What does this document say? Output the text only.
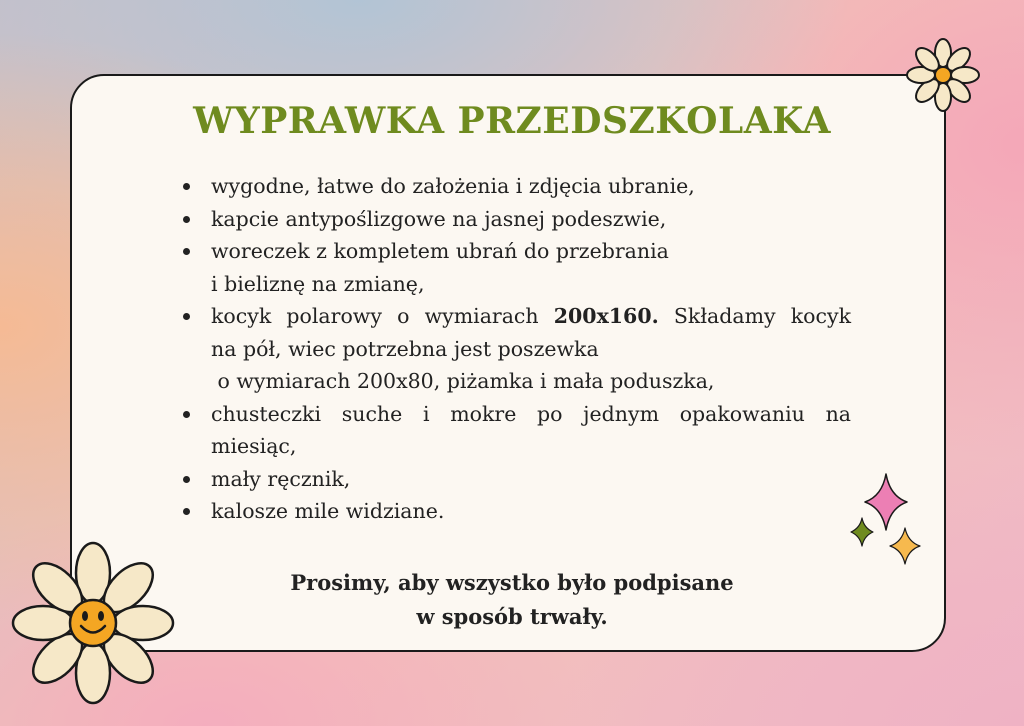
WYPRAWKA PRZEDSZKOLAKA
wygodne, łatwe do założenia i zdjęcia ubranie,
kapcie antypoślizgowe na jasnej podeszwie,
woreczek z kompletem ubrań do przebrania
i bieliznę na zmianę,
kocyk polarowy o wymiarach 200x160. Składamy kocyk
na pół, wiec potrzebna jest poszewka
o wymiarach 200x80, piżamka i mała poduszka,
chusteczki suche i mokre po jednym opakowaniu na
miesiąc,
mały ręcznik,
kalosze mile widziane.
Prosimy, aby wszystko było podpisane
w sposób trwały.
